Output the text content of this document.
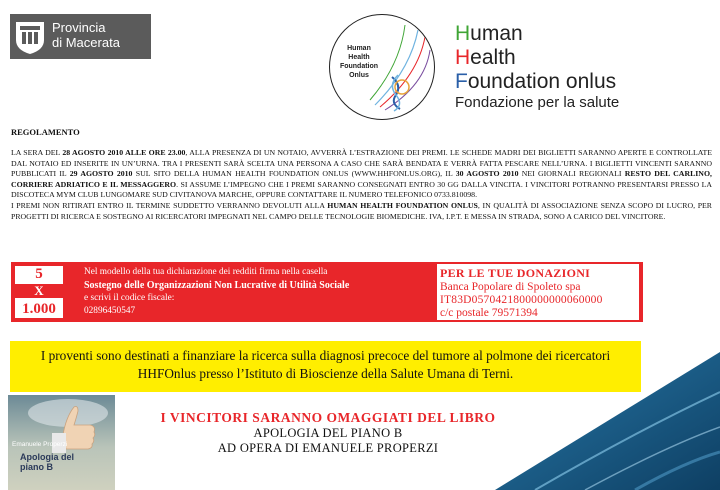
Provincia
di Macerata	Human
Health
Foundation
Onlus
Human
Health
Foundation onlus
Fondazione per la salute
REGOLAMENTO

LA SERA DEL 28 AGOSTO 2010 ALLE ORE 23.00, ALLA PRESENZA DI UN NOTAIO, AVVERRÀ L’ESTRAZIONE DEI PREMI. LE SCHEDE MADRI DEI BIGLIETTI SARANNO APERTE E CONTROLLATE DAL NOTAIO ED INSERITE IN UN’URNA. TRA I PRESENTI SARÀ SCELTA UNA PERSONA A CASO CHE SARÀ BENDATA E VERRÀ FATTA PESCARE NELL’URNA. I BIGLIETTI VINCENTI SARANNO PUBBLICATI IL 29 AGOSTO 2010 SUL SITO DELLA HUMAN HEALTH FOUNDATION ONLUS (WWW.HHFONLUS.ORG), IL 30 AGOSTO 2010 NEI GIORNALI REGIONALI RESTO DEL CARLINO, CORRIERE ADRIATICO E IL MESSAGGERO. SI ASSUME L’IMPEGNO CHE I PREMI SARANNO CONSEGNATI ENTRO 30 GG DALLA VINCITA. I VINCITORI POTRANNO PRESENTARSI PRESSO LA DISCOTECA MYM CLUB LUNGOMARE SUD CIVITANOVA MARCHE, OPPURE CONTATTARE IL NUMERO TELEFONICO 0733.810098.

I PREMI NON RITIRATI ENTRO IL TERMINE SUDDETTO VERRANNO DEVOLUTI ALLA HUMAN HEALTH FOUNDATION ONLUS, IN QUALITÀ DI ASSOCIAZIONE SENZA SCOPO DI LUCRO, PER PROGETTI DI RICERCA E SOSTEGNO AI RICERCATORI IMPEGNATI NEL CAMPO DELLE TECNOLOGIE BIOMEDICHE. IVA, I.P.T. E MESSA IN STRADA, SONO A CARICO DEL VINCITORE.

5
X
1.000
Nel modello della tua dichiarazione dei redditi firma nella casella
Sostegno delle Organizzazioni Non Lucrative di Utilità Sociale
e scrivi il codice fiscale:
02896450547
PER LE TUE DONAZIONI
Banca Popolare di Spoleto spa
IT83D0570421800000000060000
c/c postale 79571394
I proventi sono destinati a finanziare la ricerca sulla diagnosi precoce del tumore al polmone dei ricercatori
HHFOnlus presso l’Istituto di Bioscienze della Salute Umana di Terni.
Emanuele Properzi
Apologia del
piano B
I VINCITORI SARANNO OMAGGIATI DEL LIBRO
APOLOGIA DEL PIANO B
AD OPERA DI EMANUELE PROPERZI
